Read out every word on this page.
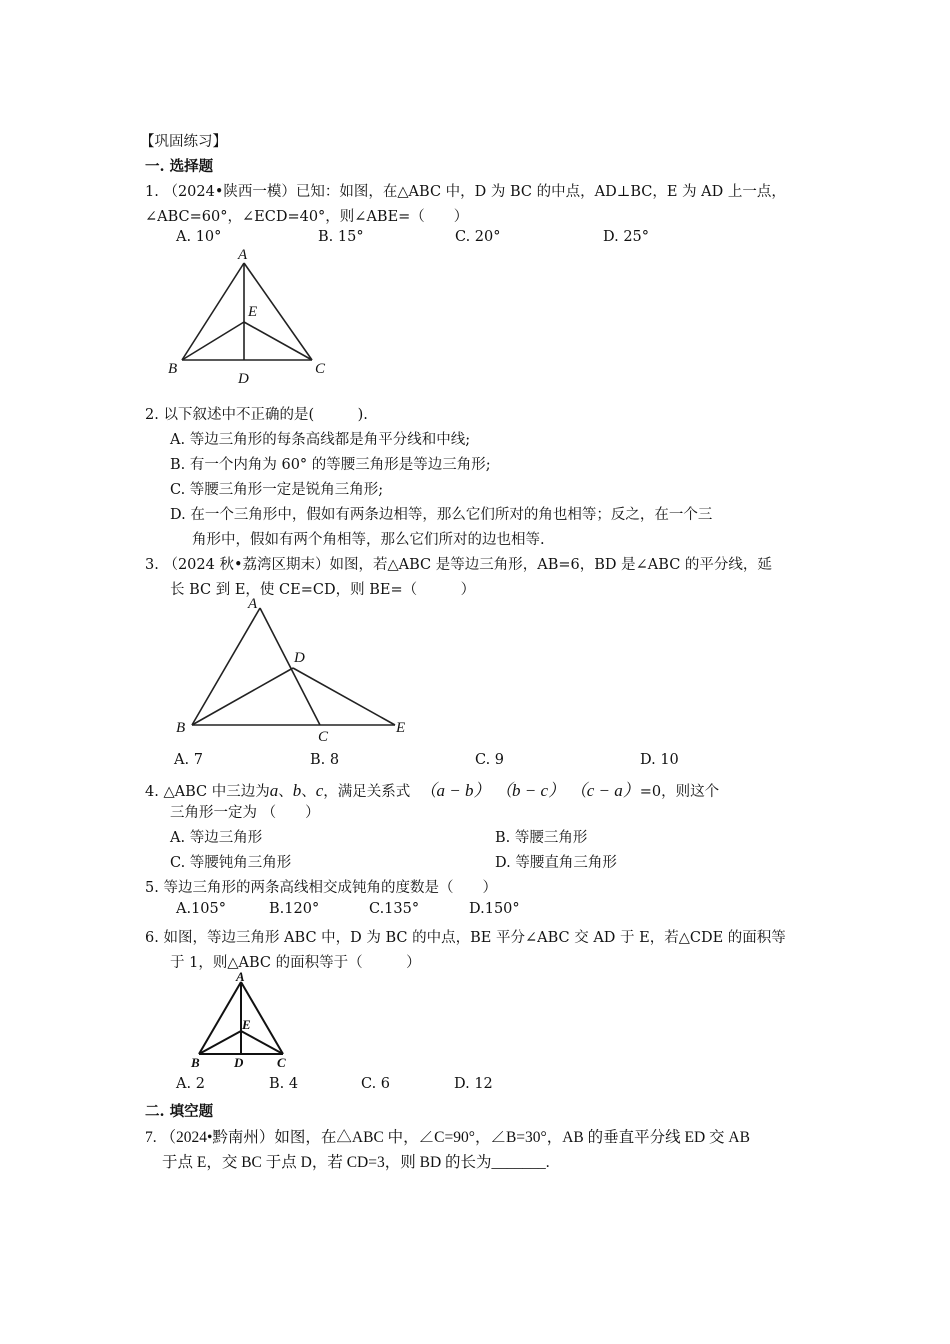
【巩固练习】
一. 选择题
1. （2024•陕西一模）已知：如图，在△ABC 中，D 为 BC 的中点，AD⊥BC，E 为 AD 上一点，
∠ABC=60°，∠ECD=40°，则∠ABE=（　　）
A. 10°	B. 15°	C. 20°	D. 25°
A
E
B
D
C
2. 以下叙述中不正确的是(　　　).
A. 等边三角形的每条高线都是角平分线和中线;
B. 有一个内角为 60° 的等腰三角形是等边三角形;
C. 等腰三角形一定是锐角三角形;
D. 在一个三角形中，假如有两条边相等，那么它们所对的角也相等；反之，在一个三
角形中，假如有两个角相等，那么它们所对的边也相等.
3. （2024 秋•荔湾区期末）如图，若△ABC 是等边三角形，AB=6，BD 是∠ABC 的平分线，延
长 BC 到 E，使 CE=CD，则 BE=（　　　）
A
D
B
C
E
A. 7	B. 8	C. 9	D. 10
4. △ABC 中三边为a、b、c，满足关系式 （a − b） （b − c） （c − a）=0，则这个
三角形一定为 （　　）
A. 等边三角形	B. 等腰三角形
C. 等腰钝角三角形	D. 等腰直角三角形
5. 等边三角形的两条高线相交成钝角的度数是（　　）
A.105°	B.120°	C.135°	D.150°
6. 如图，等边三角形 ABC 中，D 为 BC 的中点，BE 平分∠ABC 交 AD 于 E，若△CDE 的面积等
于 1，则△ABC 的面积等于（　　　）
A
E
B	D	C
A. 2	B. 4	C. 6	D. 12
二. 填空题
7. （2024•黔南州）如图，在△ABC 中，∠C=90°，∠B=30°，AB 的垂直平分线 ED 交 AB
于点 E，交 BC 于点 D，若 CD=3，则 BD 的长为_______.
